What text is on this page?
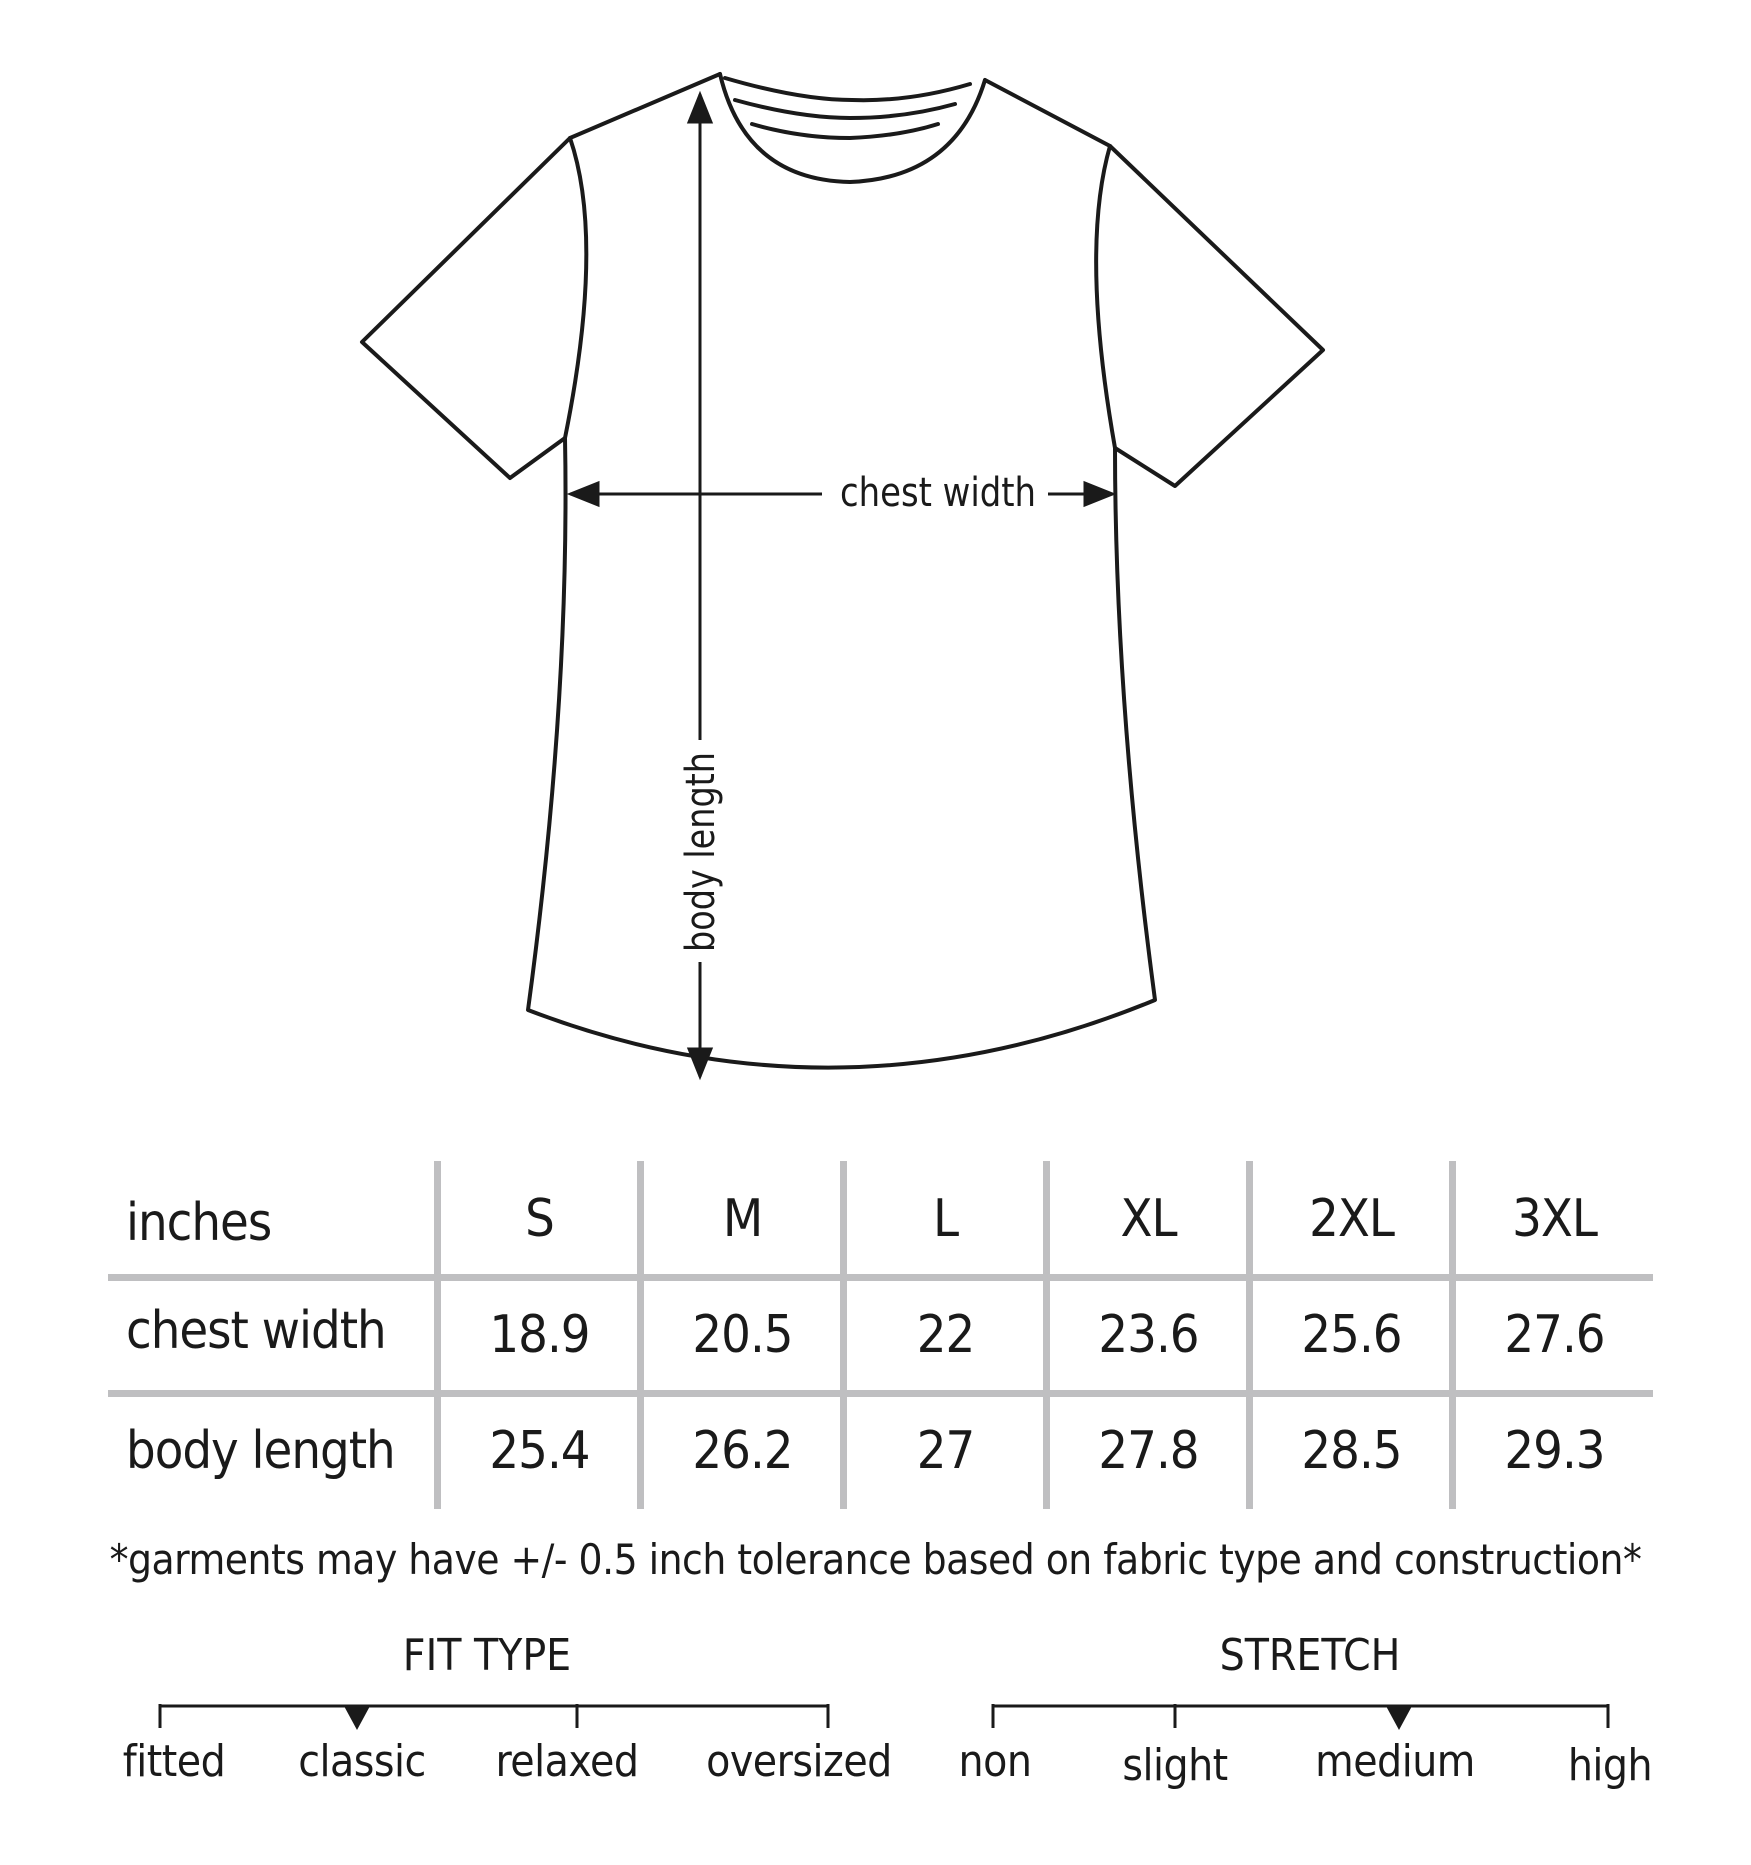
chest width
body length
inches	S	M	L	XL	2XL	3XL
chest width	18.9	20.5	22	23.6	25.6	27.6
body length	25.4	26.2	27	27.8	28.5	29.3
*garments may have +/- 0.5 inch tolerance based on fabric type and construction*
FIT TYPE
fitted	classic	relaxed	oversized
STRETCH
non	slight	medium	high
